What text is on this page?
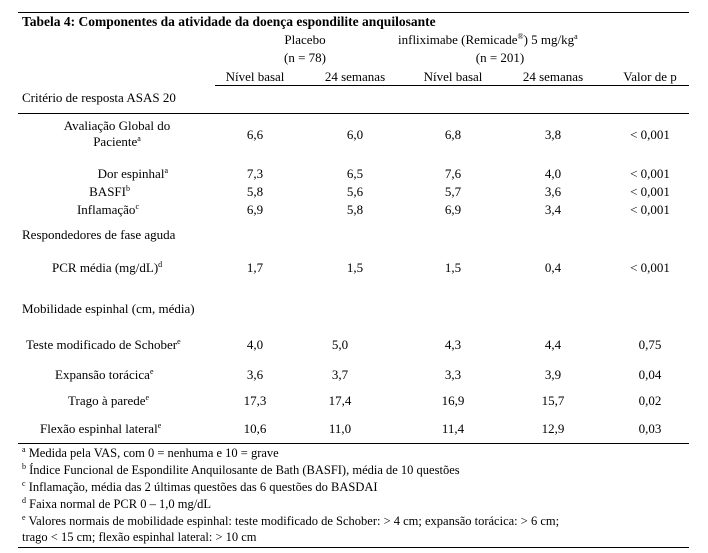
Tabela 4: Componentes da atividade da doença espondilite anquilosante
Placebo
(n = 78)
infliximabe (Remicade®) 5 $mg/kg^a$
(n = 201)
Nível basal	24 semanas	Nível basal	24 semanas	Valor de p
Critério de resposta ASAS 20
Avaliação Global do
Paciente$^a$	6,6	6,0	6,8	3,8	< 0,001
Dor espinhal$^a$	7,3	6,5	7,6	4,0	< 0,001
BASFI$^b$	5,8	5,6	5,7	3,6	< 0,001
Inflamação$^c$	6,9	5,8	6,9	3,4	< 0,001
Respondedores de fase aguda
PCR média $(mg/dL)^d$	1,7	1,5	1,5	0,4	< 0,001
Mobilidade espinhal (cm, média)
Teste modificado de Schober$^e$	4,0	5,0	4,3	4,4	0,75
Expansão torácica$^e$	3,6	3,7	3,3	3,9	0,04
Trago à parede$^e$	17,3	17,4	16,9	15,7	0,02
Flexão espinhal lateral$^e$	10,6	11,0	11,4	12,9	0,03
$^a$ Medida pela VAS, com 0 = nenhuma e 10 = grave
$^b$ Índice Funcional de Espondilite Anquilosante de Bath (BASFI), média de 10 questões
$^c$ Inflamação, média das 2 últimas questões das 6 questões do BASDAI
$^d$ Faixa normal de PCR 0 – 1,0 mg/dL
$^e$ Valores normais de mobilidade espinhal: teste modificado de Schober: > 4 cm; expansão torácica: > 6 cm;
trago < 15 cm; flexão espinhal lateral: > 10 cm
